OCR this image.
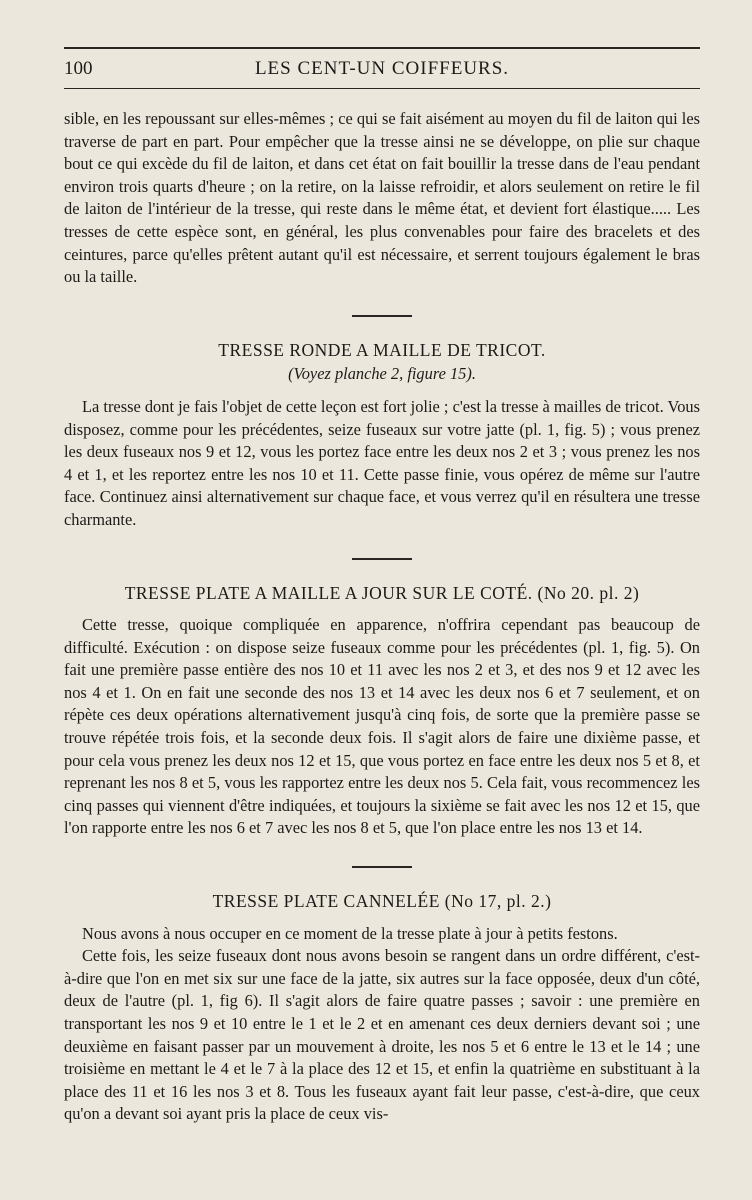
100	LES CENT-UN COIFFEURS.

sible, en les repoussant sur elles-mêmes ; ce qui se fait aisément au moyen du fil de laiton qui les traverse de part en part. Pour empêcher que la tresse ainsi ne se développe, on plie sur chaque bout ce qui excède du fil de laiton, et dans cet état on fait bouillir la tresse dans de l'eau pendant environ trois quarts d'heure ; on la retire, on la laisse refroidir, et alors seulement on retire le fil de laiton de l'intérieur de la tresse, qui reste dans le même état, et devient fort élastique..... Les tresses de cette espèce sont, en général, les plus convenables pour faire des bracelets et des ceintures, parce qu'elles prêtent autant qu'il est nécessaire, et serrent toujours également le bras ou la taille.

TRESSE RONDE A MAILLE DE TRICOT.
(Voyez planche 2, figure 15).

La tresse dont je fais l'objet de cette leçon est fort jolie ; c'est la tresse à mailles de tricot. Vous disposez, comme pour les précédentes, seize fuseaux sur votre jatte (pl. 1, fig. 5) ; vous prenez les deux fuseaux nos 9 et 12, vous les portez face entre les deux nos 2 et 3 ; vous prenez les nos 4 et 1, et les reportez entre les nos 10 et 11. Cette passe finie, vous opérez de même sur l'autre face. Continuez ainsi alternativement sur chaque face, et vous verrez qu'il en résultera une tresse charmante.

TRESSE PLATE A MAILLE A JOUR SUR LE COTÉ. (No 20. pl. 2)

Cette tresse, quoique compliquée en apparence, n'offrira cependant pas beaucoup de difficulté. Exécution : on dispose seize fuseaux comme pour les précédentes (pl. 1, fig. 5). On fait une première passe entière des nos 10 et 11 avec les nos 2 et 3, et des nos 9 et 12 avec les nos 4 et 1. On en fait une seconde des nos 13 et 14 avec les deux nos 6 et 7 seulement, et on répète ces deux opérations alternativement jusqu'à cinq fois, de sorte que la première passe se trouve répétée trois fois, et la seconde deux fois. Il s'agit alors de faire une dixième passe, et pour cela vous prenez les deux nos 12 et 15, que vous portez en face entre les deux nos 5 et 8, et reprenant les nos 8 et 5, vous les rapportez entre les deux nos 5. Cela fait, vous recommencez les cinq passes qui viennent d'être indiquées, et toujours la sixième se fait avec les nos 12 et 15, que l'on rapporte entre les nos 6 et 7 avec les nos 8 et 5, que l'on place entre les nos 13 et 14.

TRESSE PLATE CANNELÉE (No 17, pl. 2.)

Nous avons à nous occuper en ce moment de la tresse plate à jour à petits festons.

Cette fois, les seize fuseaux dont nous avons besoin se rangent dans un ordre différent, c'est-à-dire que l'on en met six sur une face de la jatte, six autres sur la face opposée, deux d'un côté, deux de l'autre (pl. 1, fig 6). Il s'agit alors de faire quatre passes ; savoir : une première en transportant les nos 9 et 10 entre le 1 et le 2 et en amenant ces deux derniers devant soi ; une deuxième en faisant passer par un mouvement à droite, les nos 5 et 6 entre le 13 et le 14 ; une troisième en mettant le 4 et le 7 à la place des 12 et 15, et enfin la quatrième en substituant à la place des 11 et 16 les nos 3 et 8. Tous les fuseaux ayant fait leur passe, c'est-à-dire, que ceux qu'on a devant soi ayant pris la place de ceux vis-
